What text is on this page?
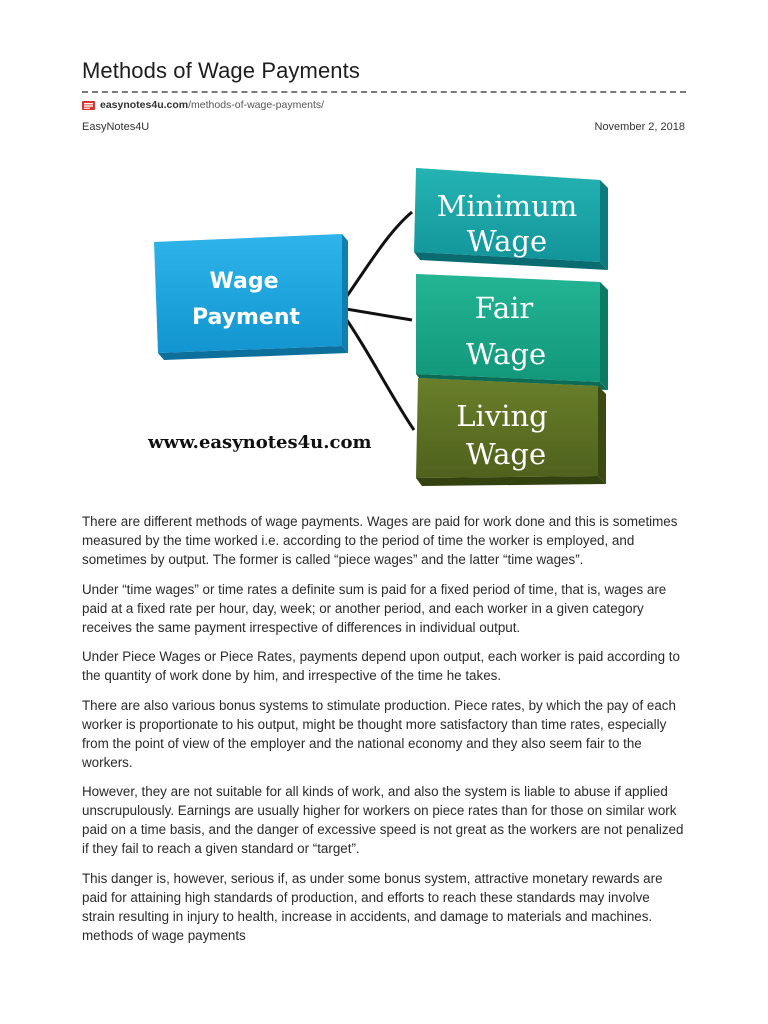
Methods of Wage Payments
easynotes4u.com/methods-of-wage-payments/
EasyNotes4U	November 2, 2018
Wage
Payment
Minimum
Wage
Fair
Wage
Living
Wage
www.easynotes4u.com

There are different methods of wage payments. Wages are paid for work done and this is sometimes measured by the time worked i.e. according to the period of time the worker is employed, and sometimes by output. The former is called “piece wages” and the latter “time wages”.

Under “time wages” or time rates a definite sum is paid for a fixed period of time, that is, wages are paid at a fixed rate per hour, day, week; or another period, and each worker in a given category receives the same payment irrespective of differences in individual output.

Under Piece Wages or Piece Rates, payments depend upon output, each worker is paid according to the quantity of work done by him, and irrespective of the time he takes.

There are also various bonus systems to stimulate production. Piece rates, by which the pay of each worker is proportionate to his output, might be thought more satisfactory than time rates, especially from the point of view of the employer and the national economy and they also seem fair to the workers.

However, they are not suitable for all kinds of work, and also the system is liable to abuse if applied unscrupulously. Earnings are usually higher for workers on piece rates than for those on similar work paid on a time basis, and the danger of excessive speed is not great as the workers are not penalized if they fail to reach a given standard or “target”.

This danger is, however, serious if, as under some bonus system, attractive monetary rewards are paid for attaining high standards of production, and efforts to reach these standards may involve strain resulting in injury to health, increase in accidents, and damage to materials and machines. methods of wage payments
